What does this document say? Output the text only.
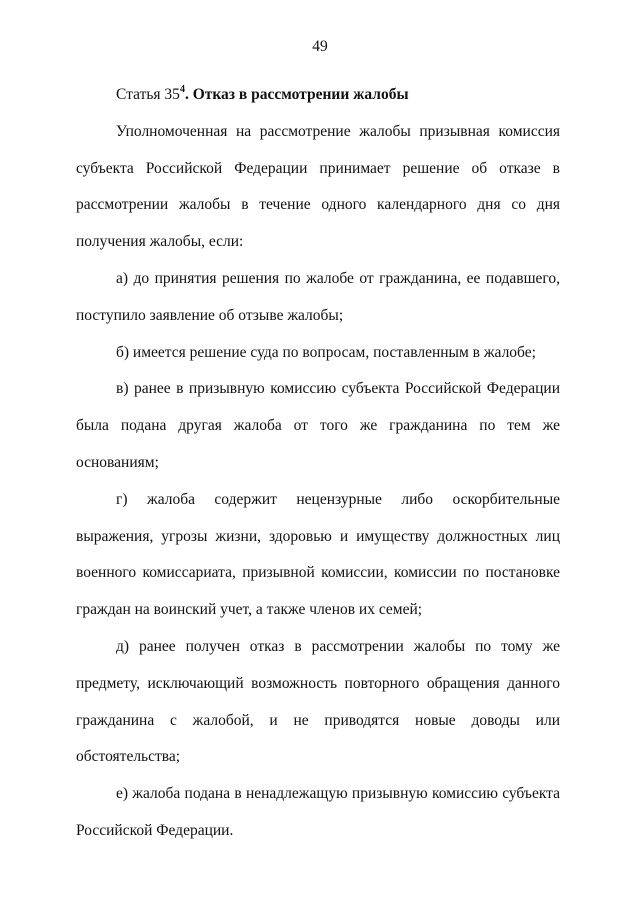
49

Статья $35^4$. Отказ в рассмотрении жалобы

Уполномоченная на рассмотрение жалобы призывная комиссия субъекта Российской Федерации принимает решение об отказе в рассмотрении жалобы в течение одного календарного дня со дня получения жалобы, если:

а) до принятия решения по жалобе от гражданина, ее подавшего, поступило заявление об отзыве жалобы;

б) имеется решение суда по вопросам, поставленным в жалобе;

в) ранее в призывную комиссию субъекта Российской Федерации была подана другая жалоба от того же гражданина по тем же основаниям;

г) жалоба содержит нецензурные либо оскорбительные выражения, угрозы жизни, здоровью и имуществу должностных лиц военного комиссариата, призывной комиссии, комиссии по постановке граждан на воинский учет, а также членов их семей;

д) ранее получен отказ в рассмотрении жалобы по тому же предмету, исключающий возможность повторного обращения данного гражданина с жалобой, и не приводятся новые доводы или обстоятельства;

е) жалоба подана в ненадлежащую призывную комиссию субъекта Российской Федерации.
